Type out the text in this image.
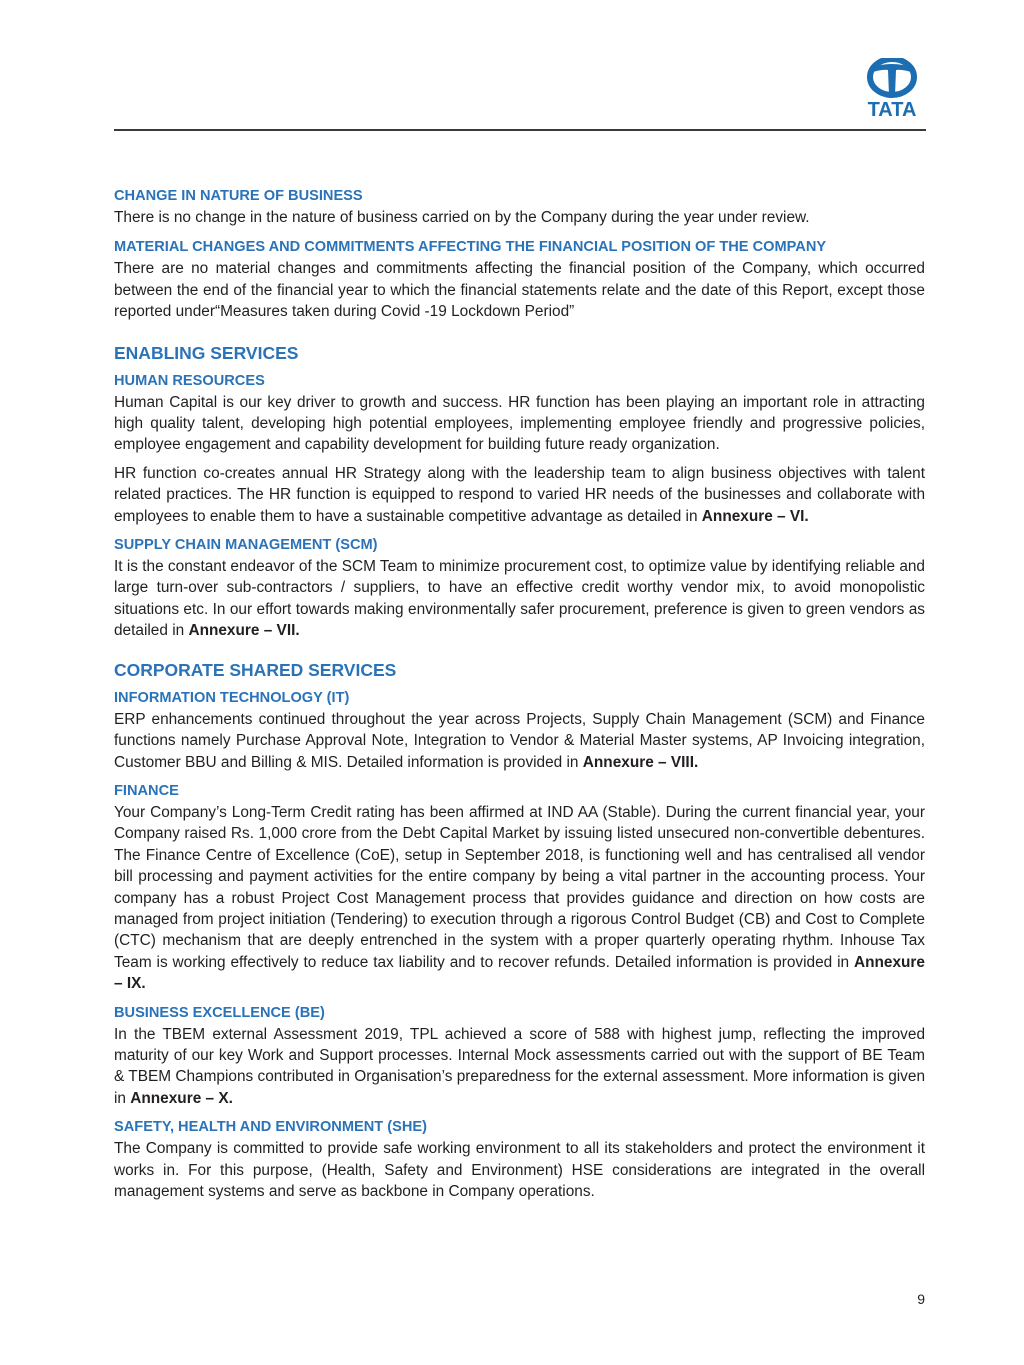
TATA
CHANGE IN NATURE OF BUSINESS

There is no change in the nature of business carried on by the Company during the year under review.

MATERIAL CHANGES AND COMMITMENTS AFFECTING THE FINANCIAL POSITION OF THE COMPANY

There are no material changes and commitments affecting the financial position of the Company, which occurred between the end of the financial year to which the financial statements relate and the date of this Report, except those reported under“Measures taken during Covid -19 Lockdown Period”

ENABLING SERVICES
HUMAN RESOURCES

Human Capital is our key driver to growth and success. HR function has been playing an important role in attracting high quality talent, developing high potential employees, implementing employee friendly and progressive policies, employee engagement and capability development for building future ready organization.

HR function co-creates annual HR Strategy along with the leadership team to align business objectives with talent related practices. The HR function is equipped to respond to varied HR needs of the businesses and collaborate with employees to enable them to have a sustainable competitive advantage as detailed in Annexure – VI.

SUPPLY CHAIN MANAGEMENT (SCM)

It is the constant endeavor of the SCM Team to minimize procurement cost, to optimize value by identifying reliable and large turn-over sub-contractors / suppliers, to have an effective credit worthy vendor mix, to avoid monopolistic situations etc. In our effort towards making environmentally safer procurement, preference is given to green vendors as detailed in Annexure – VII.

CORPORATE SHARED SERVICES
INFORMATION TECHNOLOGY (IT)

ERP enhancements continued throughout the year across Projects, Supply Chain Management (SCM) and Finance functions namely Purchase Approval Note, Integration to Vendor & Material Master systems, AP Invoicing integration, Customer BBU and Billing & MIS. Detailed information is provided in Annexure – VIII.

FINANCE

Your Company’s Long-Term Credit rating has been affirmed at IND AA (Stable). During the current financial year, your Company raised Rs. 1,000 crore from the Debt Capital Market by issuing listed unsecured non-convertible debentures. The Finance Centre of Excellence (CoE), setup in September 2018, is functioning well and has centralised all vendor bill processing and payment activities for the entire company by being a vital partner in the accounting process. Your company has a robust Project Cost Management process that provides guidance and direction on how costs are managed from project initiation (Tendering) to execution through a rigorous Control Budget (CB) and Cost to Complete (CTC) mechanism that are deeply entrenched in the system with a proper quarterly operating rhythm. Inhouse Tax Team is working effectively to reduce tax liability and to recover refunds. Detailed information is provided in Annexure – IX.

BUSINESS EXCELLENCE (BE)

In the TBEM external Assessment 2019, TPL achieved a score of 588 with highest jump, reflecting the improved maturity of our key Work and Support processes. Internal Mock assessments carried out with the support of BE Team & TBEM Champions contributed in Organisation’s preparedness for the external assessment. More information is given in Annexure – X.

SAFETY, HEALTH AND ENVIRONMENT (SHE)

The Company is committed to provide safe working environment to all its stakeholders and protect the environment it works in. For this purpose, (Health, Safety and Environment) HSE considerations are integrated in the overall management systems and serve as backbone in Company operations.

9
